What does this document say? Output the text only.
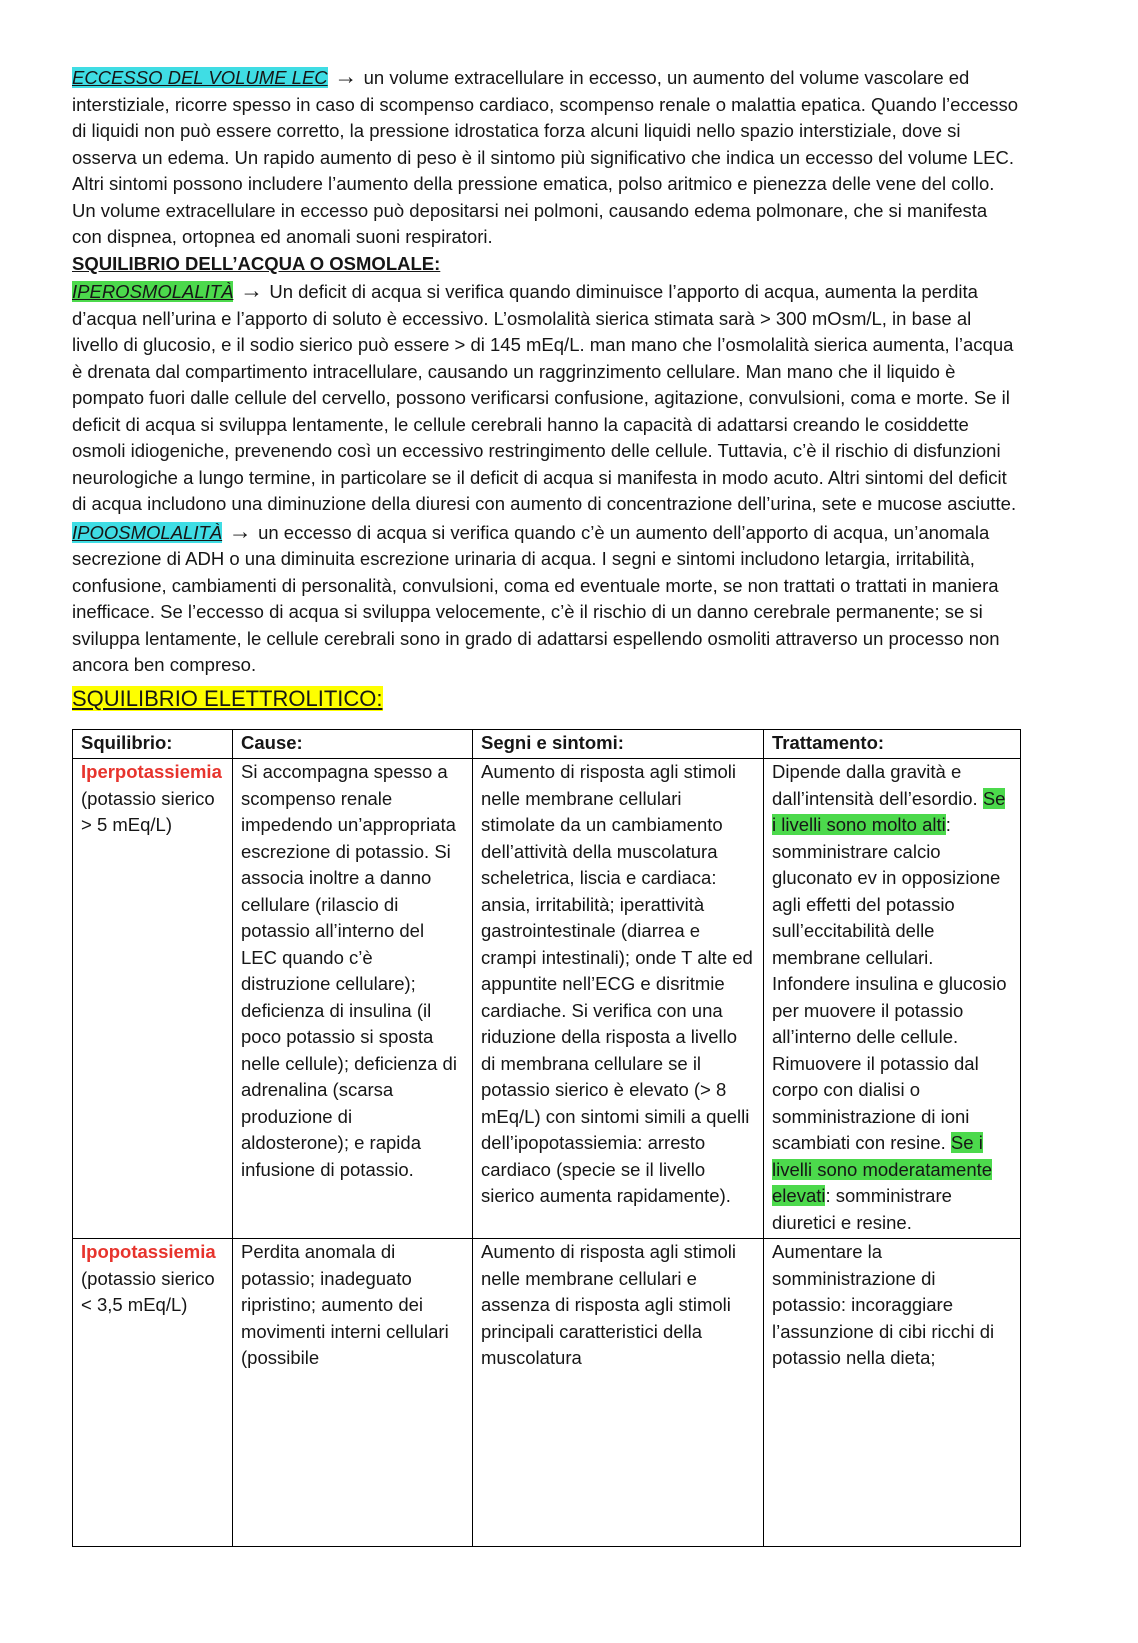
ECCESSO DEL VOLUME LEC → un volume extracellulare in eccesso, un aumento del volume vascolare ed interstiziale, ricorre spesso in caso di scompenso cardiaco, scompenso renale o malattia epatica. Quando l’eccesso di liquidi non può essere corretto, la pressione idrostatica forza alcuni liquidi nello spazio interstiziale, dove si osserva un edema. Un rapido aumento di peso è il sintomo più significativo che indica un eccesso del volume LEC. Altri sintomi possono includere l’aumento della pressione ematica, polso aritmico e pienezza delle vene del collo. Un volume extracellulare in eccesso può depositarsi nei polmoni, causando edema polmonare, che si manifesta con dispnea, ortopnea ed anomali suoni respiratori.

SQUILIBRIO DELL’ACQUA O OSMOLALE:

IPEROSMOLALITÀ → Un deficit di acqua si verifica quando diminuisce l’apporto di acqua, aumenta la perdita d’acqua nell’urina e l’apporto di soluto è eccessivo. L’osmolalità sierica stimata sarà > 300 mOsm/L, in base al livello di glucosio, e il sodio sierico può essere > di 145 mEq/L. man mano che l’osmolalità sierica aumenta, l’acqua è drenata dal compartimento intracellulare, causando un raggrinzimento cellulare. Man mano che il liquido è pompato fuori dalle cellule del cervello, possono verificarsi confusione, agitazione, convulsioni, coma e morte. Se il deficit di acqua si sviluppa lentamente, le cellule cerebrali hanno la capacità di adattarsi creando le cosiddette osmoli idiogeniche, prevenendo così un eccessivo restringimento delle cellule. Tuttavia, c’è il rischio di disfunzioni neurologiche a lungo termine, in particolare se il deficit di acqua si manifesta in modo acuto. Altri sintomi del deficit di acqua includono una diminuzione della diuresi con aumento di concentrazione dell’urina, sete e mucose asciutte.

IPOOSMOLALITÀ → un eccesso di acqua si verifica quando c’è un aumento dell’apporto di acqua, un’anomala secrezione di ADH o una diminuita escrezione urinaria di acqua. I segni e sintomi includono letargia, irritabilità, confusione, cambiamenti di personalità, convulsioni, coma ed eventuale morte, se non trattati o trattati in maniera inefficace. Se l’eccesso di acqua si sviluppa velocemente, c’è il rischio di un danno cerebrale permanente; se si sviluppa lentamente, le cellule cerebrali sono in grado di adattarsi espellendo osmoliti attraverso un processo non ancora ben compreso.

SQUILIBRIO ELETTROLITICO:

Squilibrio:	Cause:	Segni e sintomi:	Trattamento:
Iperpotassiemia (potassio sierico > 5 mEq/L)	Si accompagna spesso a scompenso renale impedendo un’appropriata escrezione di potassio. Si associa inoltre a danno cellulare (rilascio di potassio all’interno del LEC quando c’è distruzione cellulare); deficienza di insulina (il poco potassio si sposta nelle cellule); deficienza di adrenalina (scarsa produzione di aldosterone); e rapida infusione di potassio.	Aumento di risposta agli stimoli nelle membrane cellulari stimolate da un cambiamento dell’attività della muscolatura scheletrica, liscia e cardiaca: ansia, irritabilità; iperattività gastrointestinale (diarrea e crampi intestinali); onde T alte ed appuntite nell’ECG e disritmie cardiache. Si verifica con una riduzione della risposta a livello di membrana cellulare se il potassio sierico è elevato (> 8 mEq/L) con sintomi simili a quelli dell’ipopotassiemia: arresto cardiaco (specie se il livello sierico aumenta rapidamente).	Dipende dalla gravità e dall’intensità dell’esordio. Se i livelli sono molto alti: somministrare calcio gluconato ev in opposizione agli effetti del potassio sull’eccitabilità delle membrane cellulari. Infondere insulina e glucosio per muovere il potassio all’interno delle cellule. Rimuovere il potassio dal corpo con dialisi o somministrazione di ioni scambiati con resine. Se i livelli sono moderatamente elevati: somministrare diuretici e resine.
Ipopotassiemia (potassio sierico < 3,5 mEq/L)	Perdita anomala di potassio; inadeguato ripristino; aumento dei movimenti interni cellulari (possibile	Aumento di risposta agli stimoli nelle membrane cellulari e assenza di risposta agli stimoli principali caratteristici della muscolatura	Aumentare la somministrazione di potassio: incoraggiare l’assunzione di cibi ricchi di potassio nella dieta;
